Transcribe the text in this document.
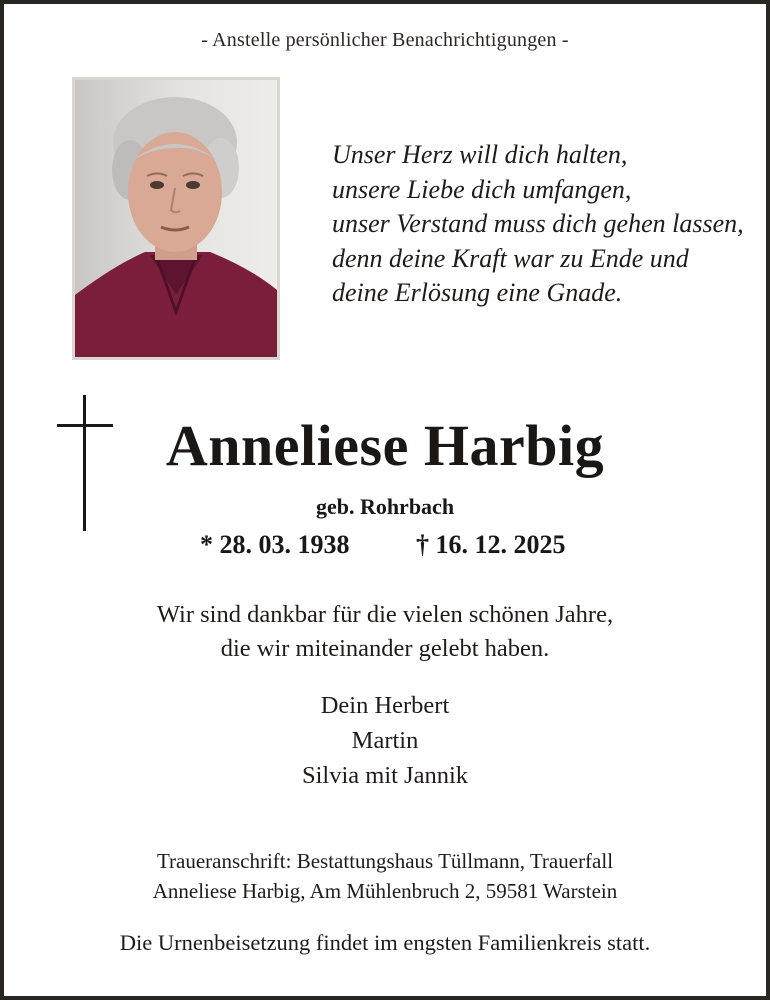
- Anstelle persönlicher Benachrichtigungen -
Unser Herz will dich halten,
unsere Liebe dich umfangen,
unser Verstand muss dich gehen lassen,
denn deine Kraft war zu Ende und
deine Erlösung eine Gnade.
Anneliese Harbig
geb. Rohrbach
* 28. 03. 1938	† 16. 12. 2025
Wir sind dankbar für die vielen schönen Jahre,
die wir miteinander gelebt haben.
Dein Herbert
Martin
Silvia mit Jannik
Traueranschrift: Bestattungshaus Tüllmann, Trauerfall
Anneliese Harbig, Am Mühlenbruch 2, 59581 Warstein
Die Urnenbeisetzung findet im engsten Familienkreis statt.
